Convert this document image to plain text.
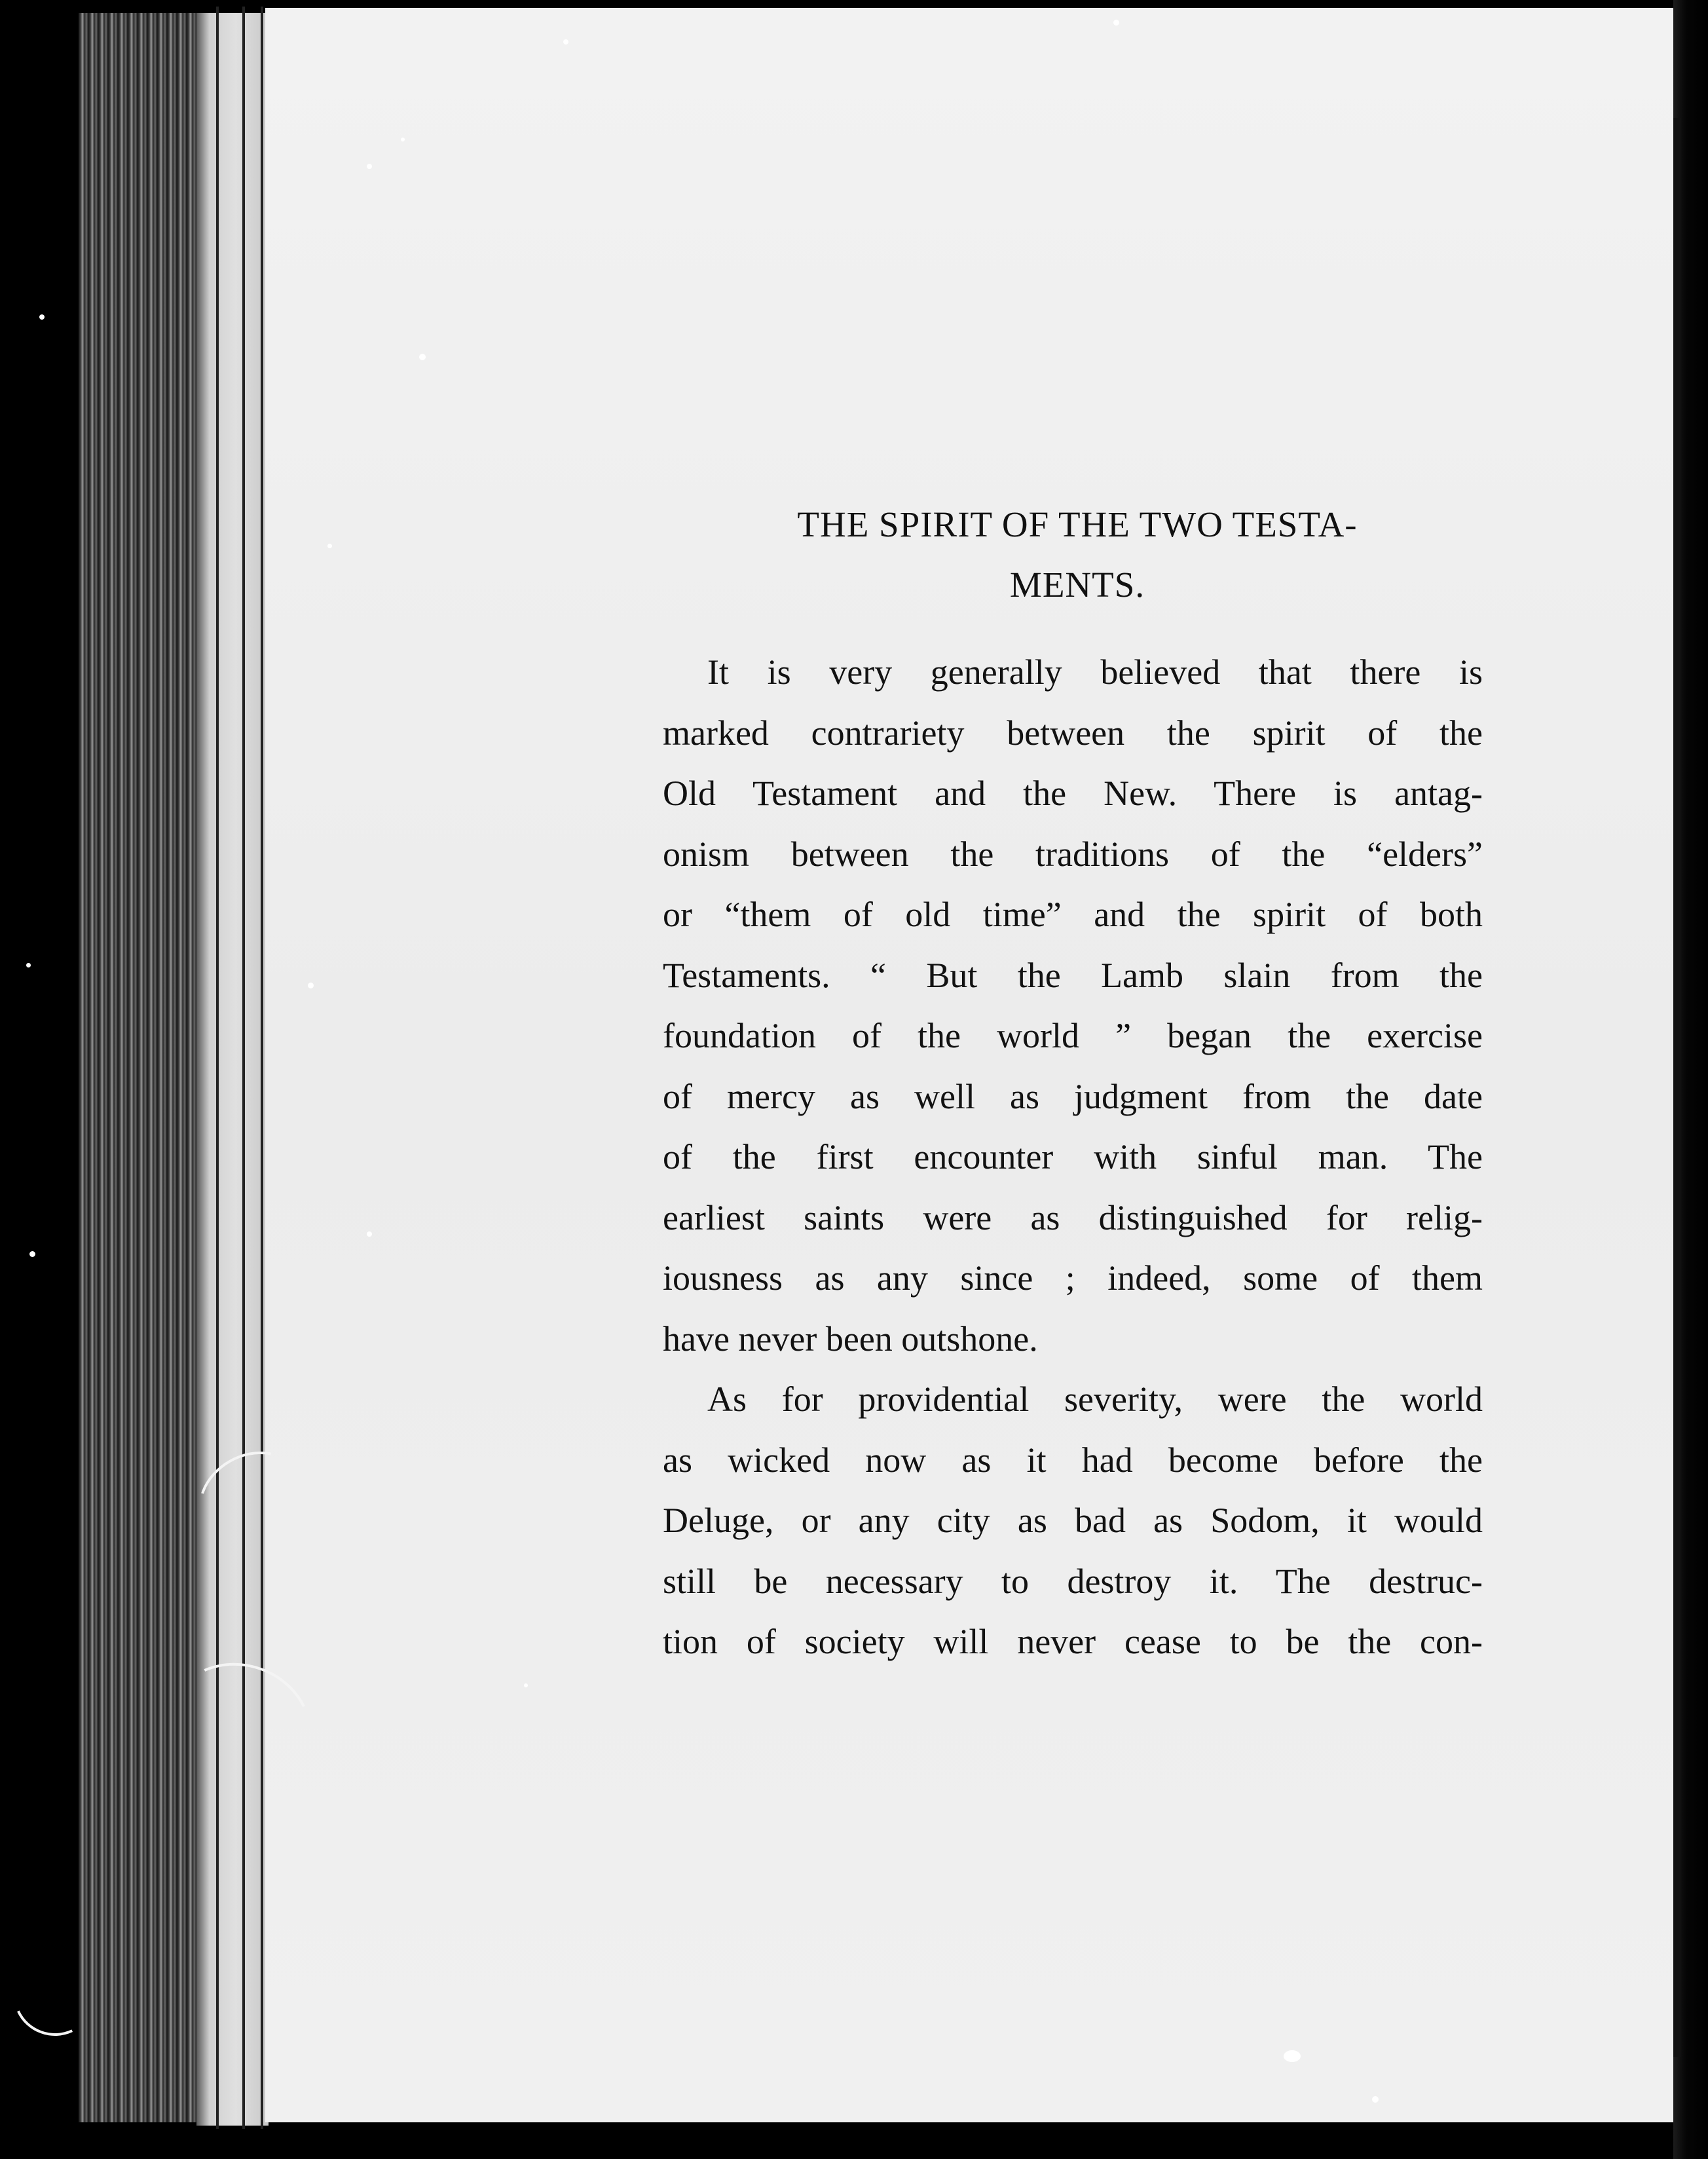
THE SPIRIT OF THE TWO TESTA-
MENTS.
It is very generally believed that there is
marked contrariety between the spirit of the
Old Testament and the New. There is antag-
onism between the traditions of the “elders”
or “them of old time” and the spirit of both
Testaments. “ But the Lamb slain from the
foundation of the world ” began the exercise
of mercy as well as judgment from the date
of the first encounter with sinful man. The
earliest saints were as distinguished for relig-
iousness as any since ; indeed, some of them
have never been outshone.
As for providential severity, were the world
as wicked now as it had become before the
Deluge, or any city as bad as Sodom, it would
still be necessary to destroy it. The destruc-
tion of society will never cease to be the con-
